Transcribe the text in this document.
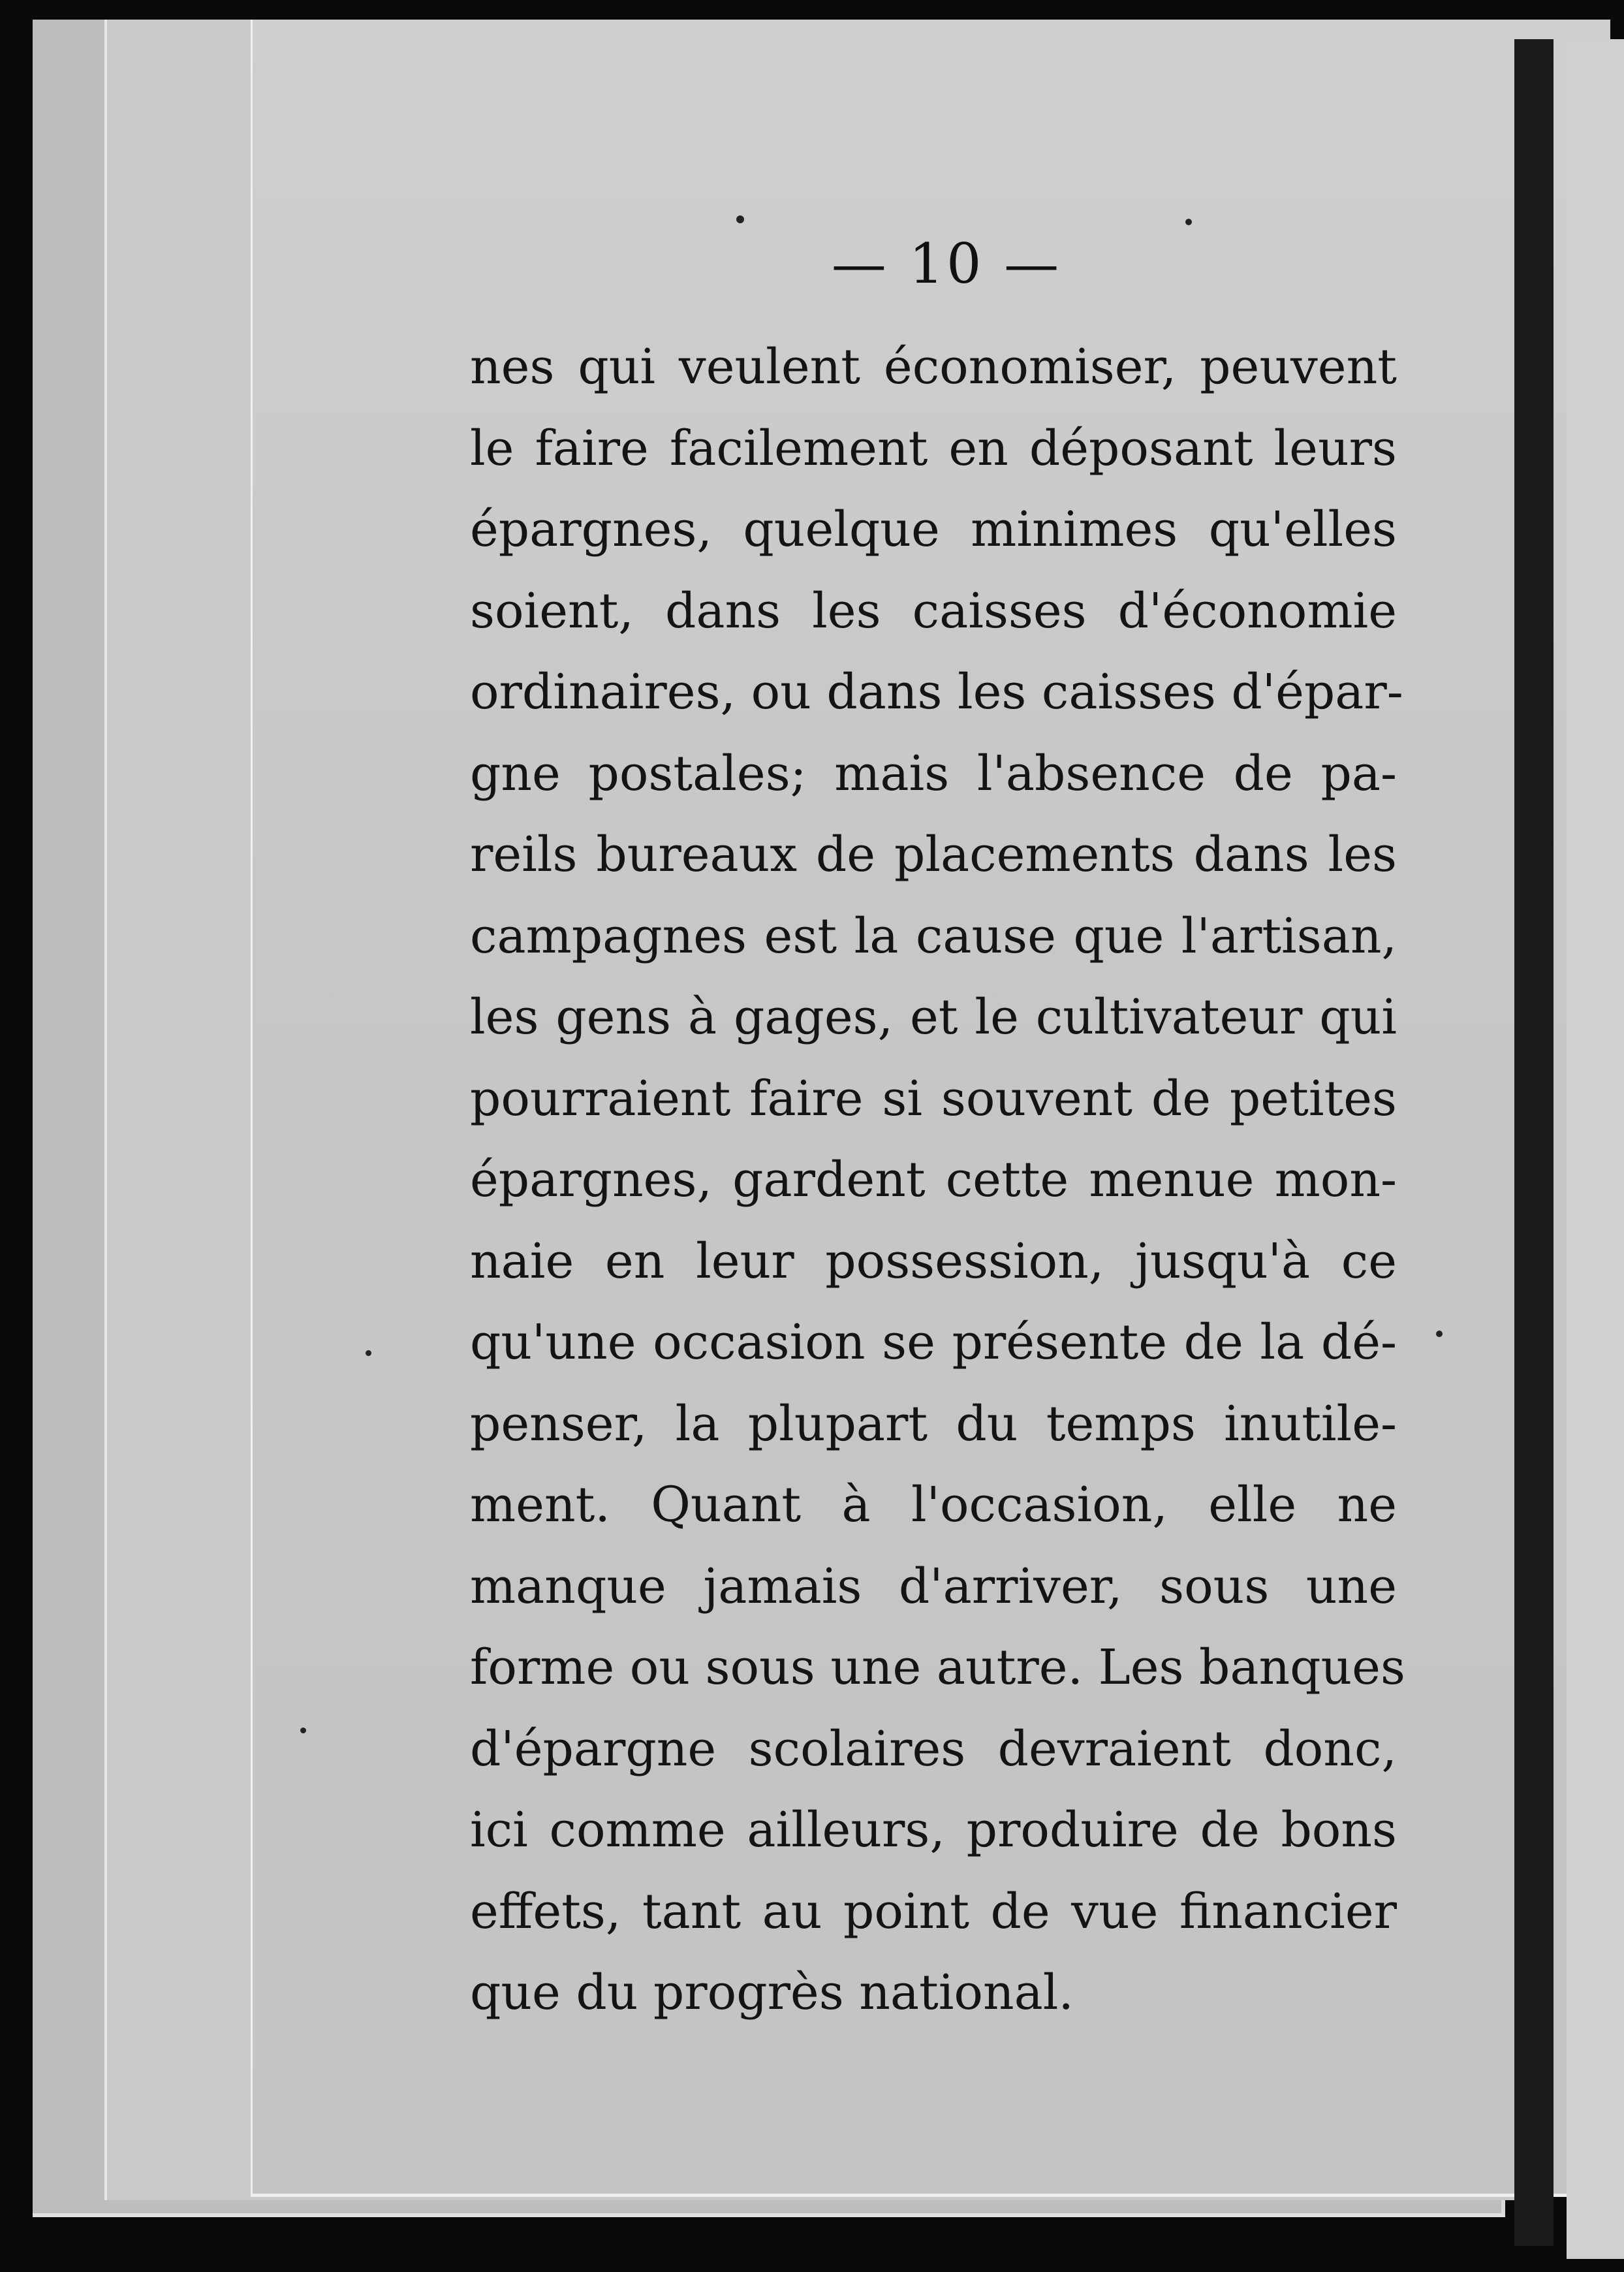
— 10 —
nes qui veulent économiser, peuvent
le faire facilement en déposant leurs
épargnes, quelque minimes qu'elles
soient, dans les caisses d'économie
ordinaires, ou dans les caisses d'épar-
gne postales; mais l'absence de pa-
reils bureaux de placements dans les
campagnes est la cause que l'artisan,
les gens à gages, et le cultivateur qui
pourraient faire si souvent de petites
épargnes, gardent cette menue mon-
naie en leur possession, jusqu'à ce
qu'une occasion se présente de la dé-
penser, la plupart du temps inutile-
ment. Quant à l'occasion, elle ne
manque jamais d'arriver, sous une
forme ou sous une autre. Les banques
d'épargne scolaires devraient donc,
ici comme ailleurs, produire de bons
effets, tant au point de vue financier
que du progrès national.
